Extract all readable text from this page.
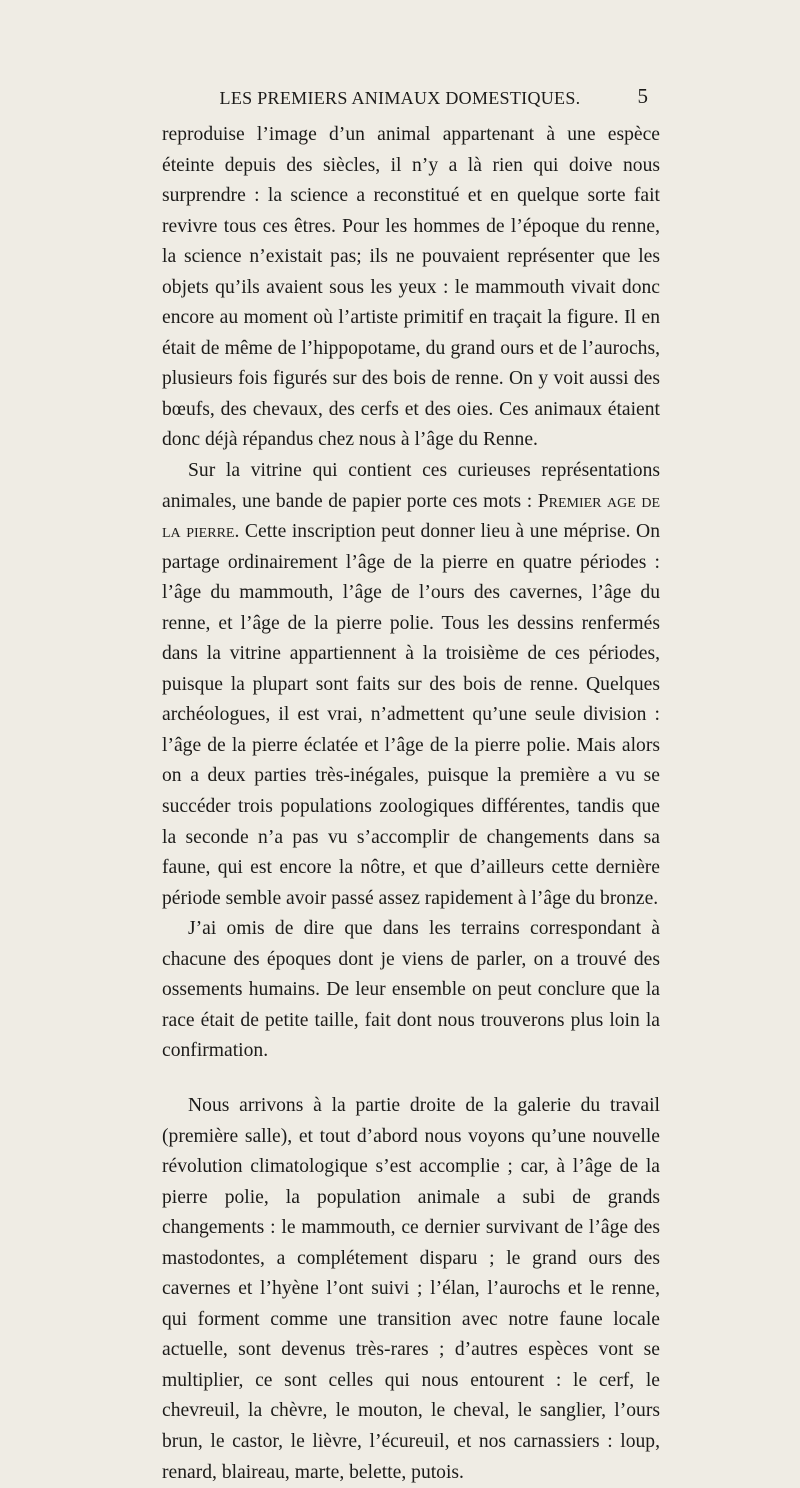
LES PREMIERS ANIMAUX DOMESTIQUES.	5

reproduise l’image d’un animal appartenant à une espèce éteinte depuis des siècles, il n’y a là rien qui doive nous surprendre : la science a reconstitué et en quelque sorte fait revivre tous ces êtres. Pour les hommes de l’époque du renne, la science n’existait pas; ils ne pouvaient représenter que les objets qu’ils avaient sous les yeux : le mammouth vivait donc encore au moment où l’artiste primitif en traçait la figure. Il en était de même de l’hippopotame, du grand ours et de l’aurochs, plusieurs fois figurés sur des bois de renne. On y voit aussi des bœufs, des chevaux, des cerfs et des oies. Ces animaux étaient donc déjà répandus chez nous à l’âge du Renne.

Sur la vitrine qui contient ces curieuses représentations animales, une bande de papier porte ces mots : Premier age de la pierre. Cette inscription peut donner lieu à une méprise. On partage ordinairement l’âge de la pierre en quatre périodes : l’âge du mammouth, l’âge de l’ours des cavernes, l’âge du renne, et l’âge de la pierre polie. Tous les dessins renfermés dans la vitrine appartiennent à la troisième de ces périodes, puisque la plupart sont faits sur des bois de renne. Quelques archéologues, il est vrai, n’admettent qu’une seule division : l’âge de la pierre éclatée et l’âge de la pierre polie. Mais alors on a deux parties très-inégales, puisque la première a vu se succéder trois populations zoologiques différentes, tandis que la seconde n’a pas vu s’accomplir de changements dans sa faune, qui est encore la nôtre, et que d’ailleurs cette dernière période semble avoir passé assez rapidement à l’âge du bronze.

J’ai omis de dire que dans les terrains correspondant à chacune des époques dont je viens de parler, on a trouvé des ossements humains. De leur ensemble on peut conclure que la race était de petite taille, fait dont nous trouverons plus loin la confirmation.

Nous arrivons à la partie droite de la galerie du travail (première salle), et tout d’abord nous voyons qu’une nouvelle révolution climatologique s’est accomplie ; car, à l’âge de la pierre polie, la population animale a subi de grands changements : le mammouth, ce dernier survivant de l’âge des mastodontes, a complétement disparu ; le grand ours des cavernes et l’hyène l’ont suivi ; l’élan, l’aurochs et le renne, qui forment comme une transition avec notre faune locale actuelle, sont devenus très-rares ; d’autres espèces vont se multiplier, ce sont celles qui nous entourent : le cerf, le chevreuil, la chèvre, le mouton, le cheval, le sanglier, l’ours brun, le castor, le lièvre, l’écureuil, et nos carnassiers : loup, renard, blaireau, marte, belette, putois.
